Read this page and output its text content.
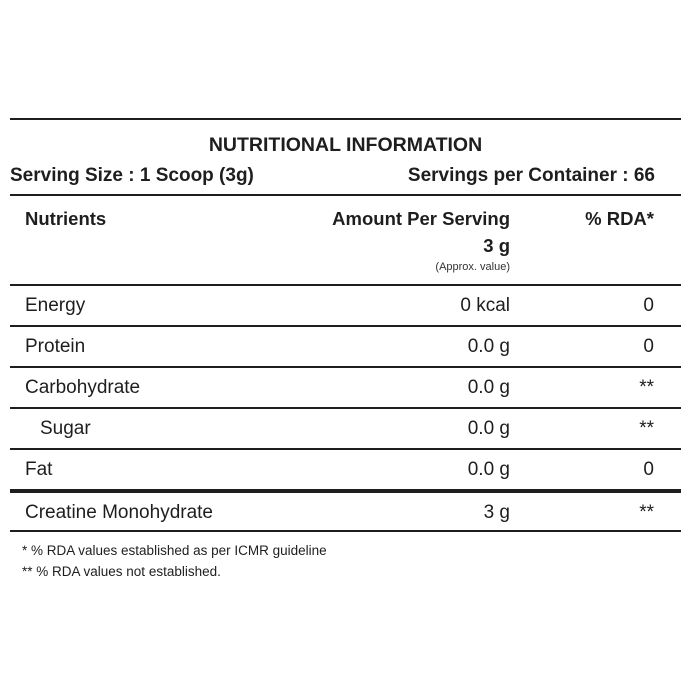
NUTRITIONAL INFORMATION
Serving Size : 1 Scoop (3g)	Servings per Container : 66
Nutrients	Amount Per Serving	% RDA*
3 g
(Approx. value)
Energy	0 kcal	0
Protein	0.0 g	0
Carbohydrate	0.0 g	**
Sugar	0.0 g	**
Fat	0.0 g	0
Creatine Monohydrate	3 g	**
* % RDA values established as per ICMR guideline
** % RDA values not established.
